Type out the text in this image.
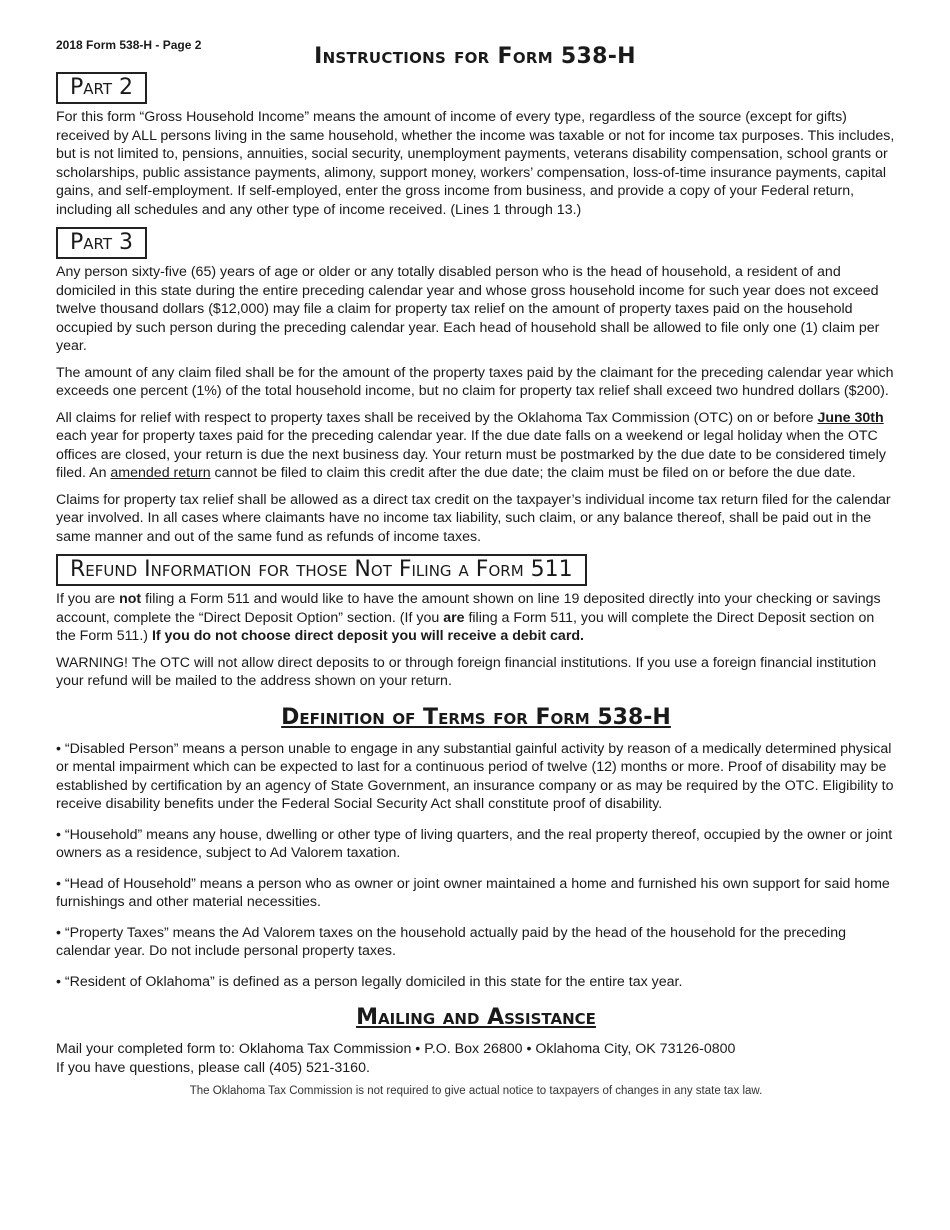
2018 Form 538-H - Page 2	Instructions for Form 538-H
Part 2

For this form “Gross Household Income” means the amount of income of every type, regardless of the source (except for gifts) received by ALL persons living in the same household, whether the income was taxable or not for income tax purposes. This includes, but is not limited to, pensions, annuities, social security, unemployment payments, veterans disability compensation, school grants or scholarships, public assistance payments, alimony, support money, workers’ compensation, loss-of-time insurance payments, capital gains, and self-employment. If self-employed, enter the gross income from business, and provide a copy of your Federal return, including all schedules and any other type of income received. (Lines 1 through 13.)

Part 3

Any person sixty-five (65) years of age or older or any totally disabled person who is the head of household, a resident of and domiciled in this state during the entire preceding calendar year and whose gross household income for such year does not exceed twelve thousand dollars ($12,000) may file a claim for property tax relief on the amount of property taxes paid on the household occupied by such person during the preceding calendar year. Each head of household shall be allowed to file only one (1) claim per year.

The amount of any claim filed shall be for the amount of the property taxes paid by the claimant for the preceding calendar year which exceeds one percent (1%) of the total household income, but no claim for property tax relief shall exceed two hundred dollars ($200).

All claims for relief with respect to property taxes shall be received by the Oklahoma Tax Commission (OTC) on or before June 30th each year for property taxes paid for the preceding calendar year. If the due date falls on a weekend or legal holiday when the OTC offices are closed, your return is due the next business day. Your return must be postmarked by the due date to be considered timely filed. An amended return cannot be filed to claim this credit after the due date; the claim must be filed on or before the due date.

Claims for property tax relief shall be allowed as a direct tax credit on the taxpayer’s individual income tax return filed for the calendar year involved. In all cases where claimants have no income tax liability, such claim, or any balance thereof, shall be paid out in the same manner and out of the same fund as refunds of income taxes.

Refund Information for those Not Filing a Form 511

If you are not filing a Form 511 and would like to have the amount shown on line 19 deposited directly into your checking or savings account, complete the “Direct Deposit Option” section. (If you are filing a Form 511, you will complete the Direct Deposit section on the Form 511.) If you do not choose direct deposit you will receive a debit card.

WARNING! The OTC will not allow direct deposits to or through foreign financial institutions. If you use a foreign financial institution your refund will be mailed to the address shown on your return.

Definition of Terms for Form 538-H

• “Disabled Person” means a person unable to engage in any substantial gainful activity by reason of a medically determined physical or mental impairment which can be expected to last for a continuous period of twelve (12) months or more. Proof of disability may be established by certification by an agency of State Government, an insurance company or as may be required by the OTC. Eligibility to receive disability benefits under the Federal Social Security Act shall constitute proof of disability.

• “Household” means any house, dwelling or other type of living quarters, and the real property thereof, occupied by the owner or joint owners as a residence, subject to Ad Valorem taxation.

• “Head of Household” means a person who as owner or joint owner maintained a home and furnished his own support for said home furnishings and other material necessities.

• “Property Taxes” means the Ad Valorem taxes on the household actually paid by the head of the household for the preceding calendar year. Do not include personal property taxes.

• “Resident of Oklahoma” is defined as a person legally domiciled in this state for the entire tax year.

Mailing and Assistance

Mail your completed form to: Oklahoma Tax Commission • P.O. Box 26800 • Oklahoma City, OK 73126-0800

If you have questions, please call (405) 521-3160.

The Oklahoma Tax Commission is not required to give actual notice to taxpayers of changes in any state tax law.
